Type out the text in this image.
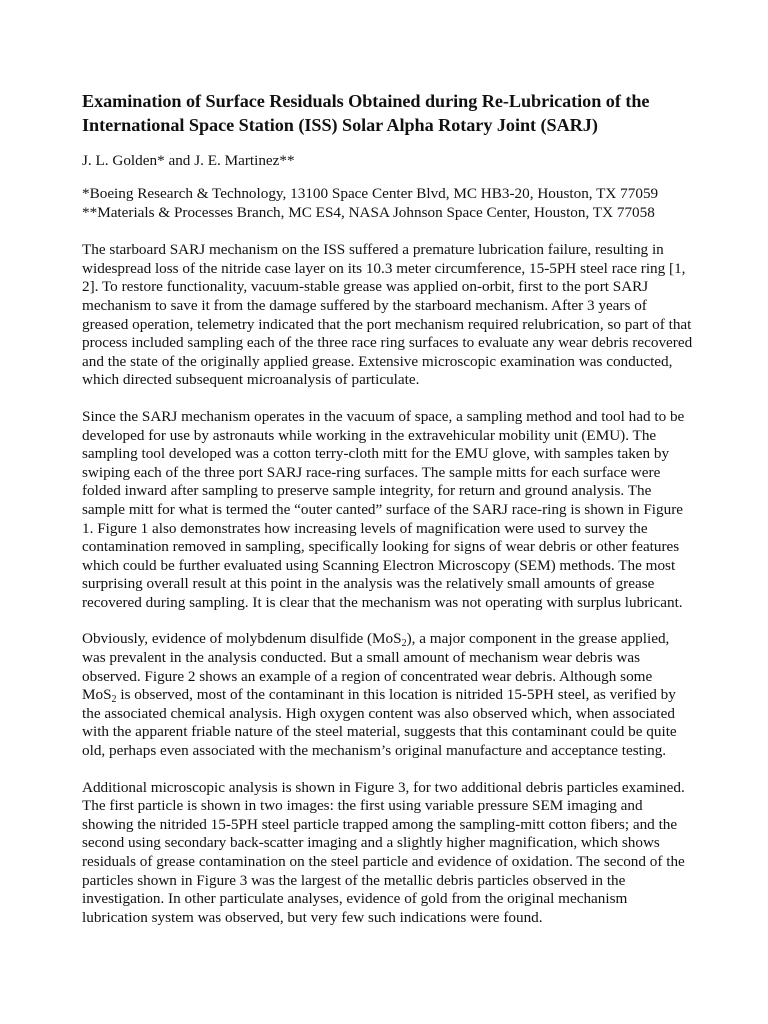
Examination of Surface Residuals Obtained during Re-Lubrication of the
International Space Station (ISS) Solar Alpha Rotary Joint (SARJ)

J. L. Golden* and J. E. Martinez**

*Boeing Research & Technology, 13100 Space Center Blvd, MC HB3-20, Houston, TX 77059
**Materials & Processes Branch, MC ES4, NASA Johnson Space Center, Houston, TX 77058

The starboard SARJ mechanism on the ISS suffered a premature lubrication failure, resulting in
widespread loss of the nitride case layer on its 10.3 meter circumference, 15-5PH steel race ring [1,
2]. To restore functionality, vacuum-stable grease was applied on-orbit, first to the port SARJ
mechanism to save it from the damage suffered by the starboard mechanism. After 3 years of
greased operation, telemetry indicated that the port mechanism required relubrication, so part of that
process included sampling each of the three race ring surfaces to evaluate any wear debris recovered
and the state of the originally applied grease. Extensive microscopic examination was conducted,
which directed subsequent microanalysis of particulate.

Since the SARJ mechanism operates in the vacuum of space, a sampling method and tool had to be
developed for use by astronauts while working in the extravehicular mobility unit (EMU). The
sampling tool developed was a cotton terry-cloth mitt for the EMU glove, with samples taken by
swiping each of the three port SARJ race-ring surfaces. The sample mitts for each surface were
folded inward after sampling to preserve sample integrity, for return and ground analysis. The
sample mitt for what is termed the “outer canted” surface of the SARJ race-ring is shown in Figure
1. Figure 1 also demonstrates how increasing levels of magnification were used to survey the
contamination removed in sampling, specifically looking for signs of wear debris or other features
which could be further evaluated using Scanning Electron Microscopy (SEM) methods. The most
surprising overall result at this point in the analysis was the relatively small amounts of grease
recovered during sampling. It is clear that the mechanism was not operating with surplus lubricant.

Obviously, evidence of molybdenum disulfide (MoS$_2$), a major component in the grease applied,
was prevalent in the analysis conducted. But a small amount of mechanism wear debris was
observed. Figure 2 shows an example of a region of concentrated wear debris. Although some
MoS$_2$ is observed, most of the contaminant in this location is nitrided 15-5PH steel, as verified by
the associated chemical analysis. High oxygen content was also observed which, when associated
with the apparent friable nature of the steel material, suggests that this contaminant could be quite
old, perhaps even associated with the mechanism’s original manufacture and acceptance testing.

Additional microscopic analysis is shown in Figure 3, for two additional debris particles examined.
The first particle is shown in two images: the first using variable pressure SEM imaging and
showing the nitrided 15-5PH steel particle trapped among the sampling-mitt cotton fibers; and the
second using secondary back-scatter imaging and a slightly higher magnification, which shows
residuals of grease contamination on the steel particle and evidence of oxidation. The second of the
particles shown in Figure 3 was the largest of the metallic debris particles observed in the
investigation. In other particulate analyses, evidence of gold from the original mechanism
lubrication system was observed, but very few such indications were found.
